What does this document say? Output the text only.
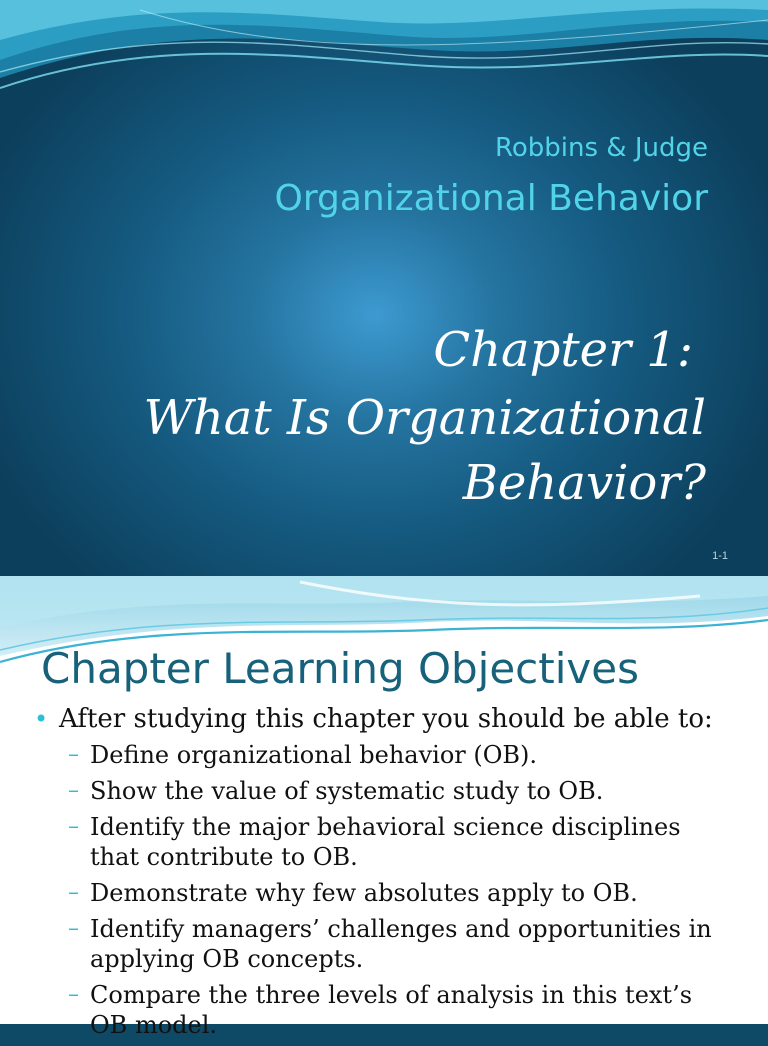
Robbins & Judge
Organizational Behavior
Chapter 1:
What Is Organizational
Behavior?
1-1
Chapter Learning Objectives
• After studying this chapter you should be able to:
– Define organizational behavior (OB).
– Show the value of systematic study to OB.
– Identify the major behavioral science disciplines that contribute to OB.
– Demonstrate why few absolutes apply to OB.
– Identify managers’ challenges and opportunities in applying OB concepts.
– Compare the three levels of analysis in this text’s OB model.
